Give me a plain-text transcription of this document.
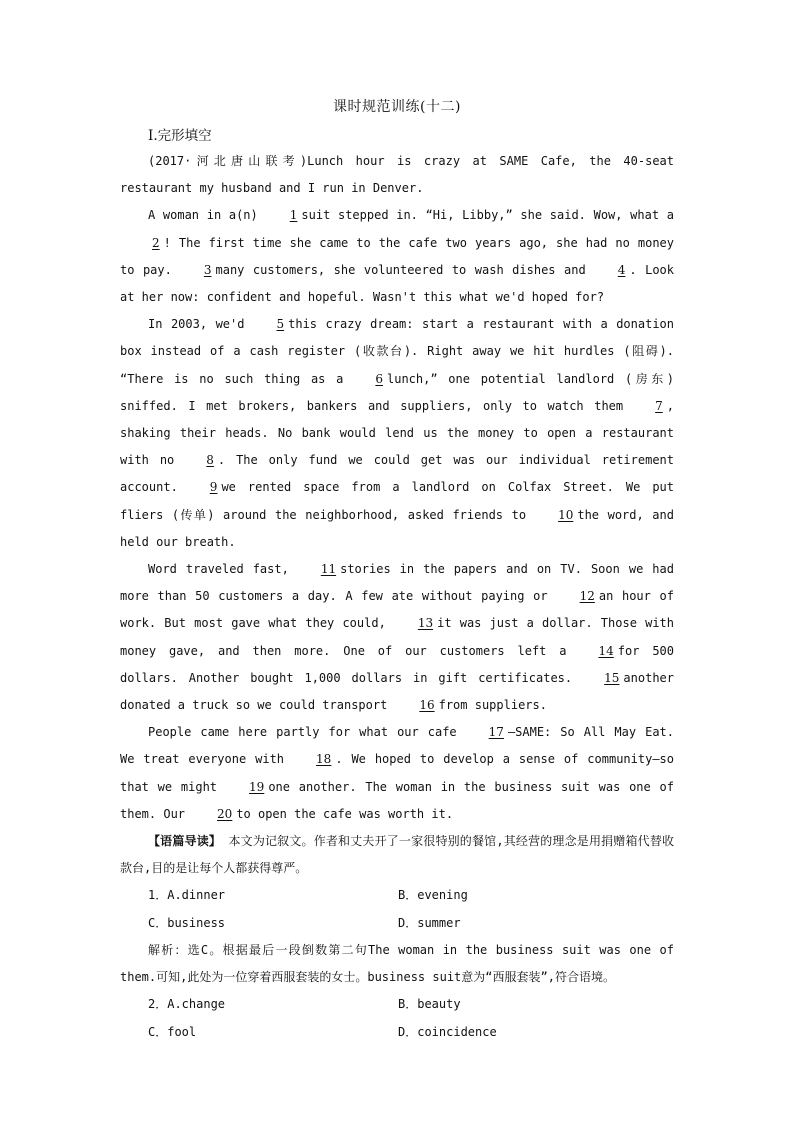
课时规范训练(十二)
Ⅰ.完形填空

(2017·河北唐山联考)Lunch hour is crazy at SAME Cafe, the 40-seat restaurant my husband and I run in Denver.

A woman in a(n)	1 suit stepped in. “Hi, Libby,” she said. Wow, what a2 ! The first time she came to the cafe two years ago, she had no money to pay.	3 many customers, she volunteered to wash dishes and	4 . Look at her now: confident and hopeful. Wasn't this what we'd hoped for?

In 2003, we'd	5 this crazy dream: start a restaurant with a donation box instead of a cash register (收款台). Right away we hit hurdles (阻碍). “There is no such thing as a	6 lunch,” one potential landlord (房东) sniffed. I met brokers, bankers and suppliers, only to watch them	7 , shaking their heads. No bank would lend us the money to open a restaurant with no	8 . The only fund we could get was our individual retirement account.	9 we rented space from a landlord on Colfax Street. We put fliers (传单) around the neighborhood, asked friends to	10 the word, and held our breath.

Word traveled fast,	11 stories in the papers and on TV. Soon we had more than 50 customers a day. A few ate without paying or	12 an hour of work. But most gave what they could,	13 it was just a dollar. Those with money gave, and then more. One of our customers left a	14 for 500 dollars. Another bought 1,000 dollars in gift certificates.	15 another donated a truck so we could transport	16 from suppliers.

People came here partly for what our cafe	17 —SAME: So All May Eat. We treat everyone with	18 . We hoped to develop a sense of community—so that we might	19 one another. The woman in the business suit was one of them. Our	20 to open the cafe was worth it.

【语篇导读】 本文为记叙文。作者和丈夫开了一家很特别的餐馆,其经营的理念是用捐赠箱代替收款台,目的是让每个人都获得尊严。

1．A.dinner	B．evening
C．business	D．summer

解析：选C。根据最后一段倒数第二句The woman in the business suit was one of them.可知,此处为一位穿着西服套装的女士。business suit意为“西服套装”,符合语境。

2．A.change	B．beauty
C．fool	D．coincidence
